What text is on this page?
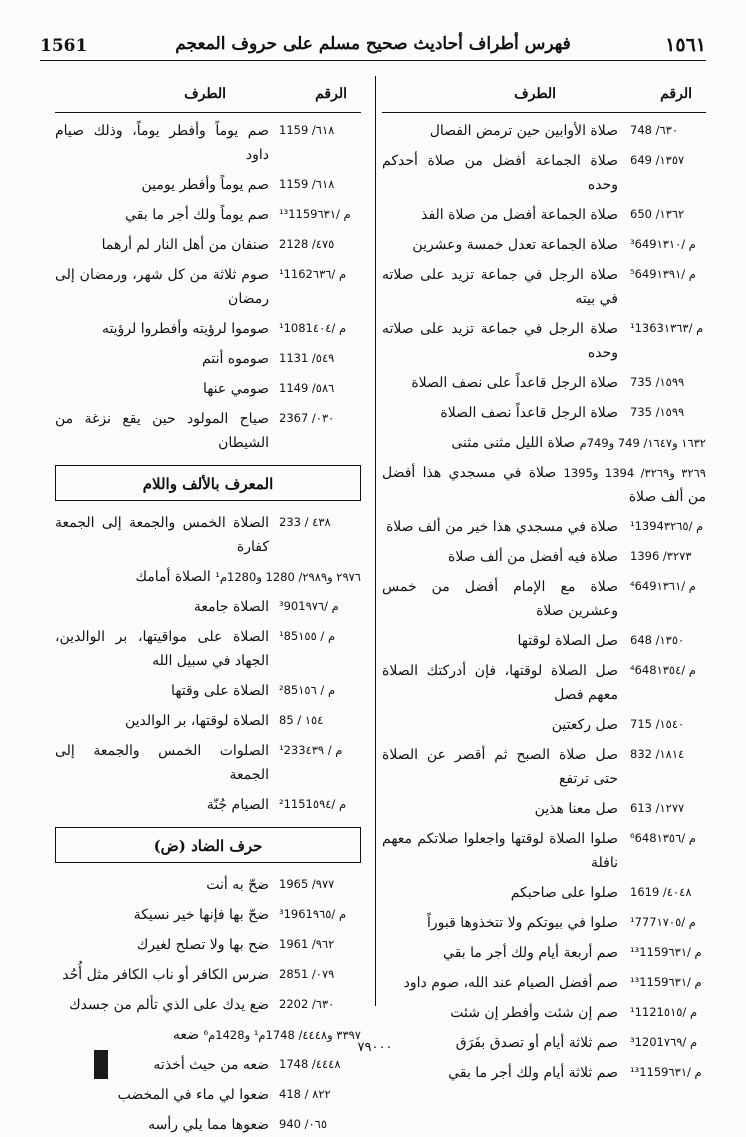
1561	فهرس أطراف أحاديث صحيح مسلم على حروف المعجم	١٥٦١
الرقم
الطرف
748 /٦٣٠
صلاة الأوابين حين ترمض الفصال
649 /١٣٥٧
صلاة الجماعة أفضل من صلاة أحدكم وحده
650 /١٣٦٢
صلاة الجماعة أفضل من صلاة الفذ
³649م /١٣١٠
صلاة الجماعة تعدل خمسة وعشرين
⁵649م /١٣٩١
صلاة الرجل في جماعة تزيد على صلاته في بيته
¹1363م /١٣٦٣
صلاة الرجل في جماعة تزيد على صلاته وحده
735 /١٥٩٩
صلاة الرجل قاعداً على نصف الصلاة
735 /١٥٩٩
صلاة الرجل قاعداً نصف الصلاة
١٦٣٢ و١٦٤٧/ 749 و749م صلاة الليل مثنى مثنى
٣٢٦٩ و٣٢٦٩/ 1394 و1395 صلاة في مسجدي هذا أفضل من ألف صلاة
¹1394م /٣٢٦٥
صلاة في مسجدي هذا خير من ألف صلاة
1396 /٣٢٧٣
صلاة فيه أفضل من ألف صلاة
⁴649م /١٣٦١
صلاة مع الإمام أفضل من خمس وعشرين صلاة
648 /١٣٥٠
صل الصلاة لوقتها
⁴648م /١٣٥٤
صل الصلاة لوقتها، فإن أدركتك الصلاة معهم فصل
715 /١٥٤٠
صل ركعتين
832 /١٨١٤
صل صلاة الصبح ثم أقصر عن الصلاة حتى ترتفع
613 /١٢٧٧
صل معنا هذين
⁶648م /١٣٥٦
صلوا الصلاة لوقتها واجعلوا صلاتكم معهم نافلة
1619 /٤٠٤٨
صلوا على صاحبكم
¹777م /١٧٠٥
صلوا في بيوتكم ولا تتخذوها قبوراً
¹³1159م /٦٣١
صم أربعة أيام ولك أجر ما بقي
¹³1159م /٦٣١
صم أفضل الصيام عند الله، صوم داود
¹1121م /٥١٥
صم إن شئت وأفطر إن شئت
³1201م /٧٦٩
صم ثلاثة أيام أو تصدق بفَرَق
¹³1159م /٦٣١
صم ثلاثة أيام ولك أجر ما بقي
الرقم
الطرف
1159 /٦١٨
صم يوماً وأفطر يوماً، وذلك صيام داود
1159 /٦١٨
صم يوماً وأفطر يومين
¹³1159م /٦٣١
صم يوماً ولك أجر ما بقي
2128 /٤٧٥
صنفان من أهل النار لم أرهما
¹1162م /٦٣٦
صوم ثلاثة من كل شهر، ورمضان إلى رمضان
¹1081م /٤٠٤
صوموا لرؤيته وأفطروا لرؤيته
1131 /٥٤٩
صوموه أنتم
1149 /٥٨٦
صومي عنها
2367 /٠٣٠
صياح المولود حين يقع نزغة من الشيطان
المعرف بالألف واللام
233 / ٤٣٨
الصلاة الخمس والجمعة إلى الجمعة كفارة
٢٩٧٦ و٢٩٨٩/ 1280 و1280م¹ الصلاة أمامك
³901م /٩٧٦
الصلاة جامعة
¹85م / ١٥٥
الصلاة على مواقيتها، بر الوالدين، الجهاد في سبيل الله
²85م / ١٥٦
الصلاة على وقتها
85 / ١٥٤
الصلاة لوقتها، بر الوالدين
¹233م / ٤٣٩
الصلوات الخمس والجمعة إلى الجمعة
²1151م /٥٩٤
الصيام جُنّة
حرف الضاد (ض)
1965 /٩٧٧
ضحّ به أنت
³1961م /٩٦٥
ضحّ بها فإنها خير نسيكة
1961 /٩٦٢
ضح بها ولا تصلح لغيرك
2851 /٠٧٩
ضرس الكافر أو ناب الكافر مثل أُحُد
2202 /٦٣٠
ضع يدك على الذي تألم من جسدك
٣٣٩٧ و٤٤٤٨/ 1748م¹ و1428م⁶ ضعه
1748 /٤٤٤٨
ضعه من حيث أخذته
418 / ٨٢٢
ضعوا لي ماء في المخضب
940 /٠٦٥
ضعوها مما يلي رأسه
٧٩٠٠٠
